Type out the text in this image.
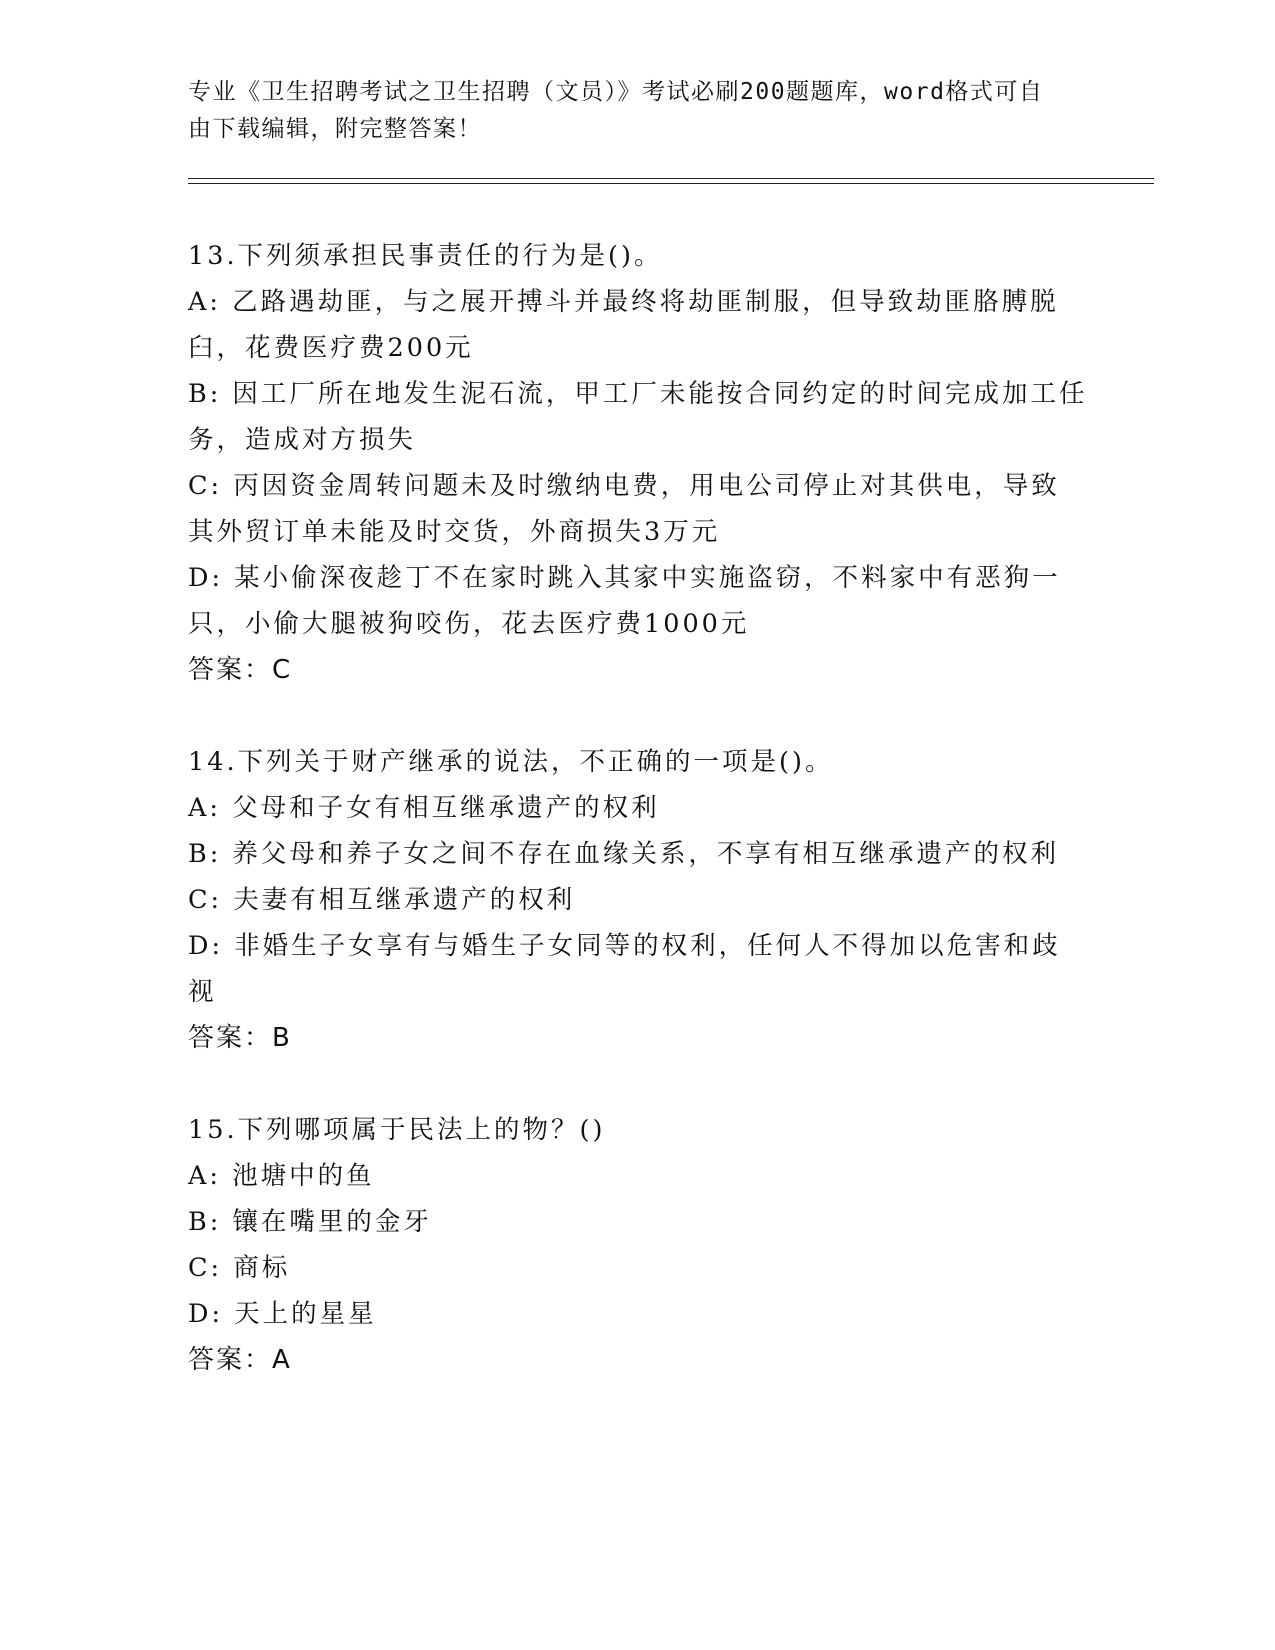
专业《卫生招聘考试之卫生招聘（文员）》考试必刷200题题库，word格式可自
由下载编辑，附完整答案！
13.下列须承担民事责任的行为是()。
A: 乙路遇劫匪，与之展开搏斗并最终将劫匪制服，但导致劫匪胳膊脱臼，花费医疗费200元
B: 因工厂所在地发生泥石流，甲工厂未能按合同约定的时间完成加工任务，造成对方损失
C: 丙因资金周转问题未及时缴纳电费，用电公司停止对其供电，导致其外贸订单未能及时交货，外商损失3万元
D: 某小偷深夜趁丁不在家时跳入其家中实施盗窃，不料家中有恶狗一只，小偷大腿被狗咬伤，花去医疗费1000元
答案：C
14.下列关于财产继承的说法，不正确的一项是()。
A: 父母和子女有相互继承遗产的权利
B: 养父母和养子女之间不存在血缘关系，不享有相互继承遗产的权利
C: 夫妻有相互继承遗产的权利
D: 非婚生子女享有与婚生子女同等的权利，任何人不得加以危害和歧视
答案：B
15.下列哪项属于民法上的物？()
A: 池塘中的鱼
B: 镶在嘴里的金牙
C: 商标
D: 天上的星星
答案：A
